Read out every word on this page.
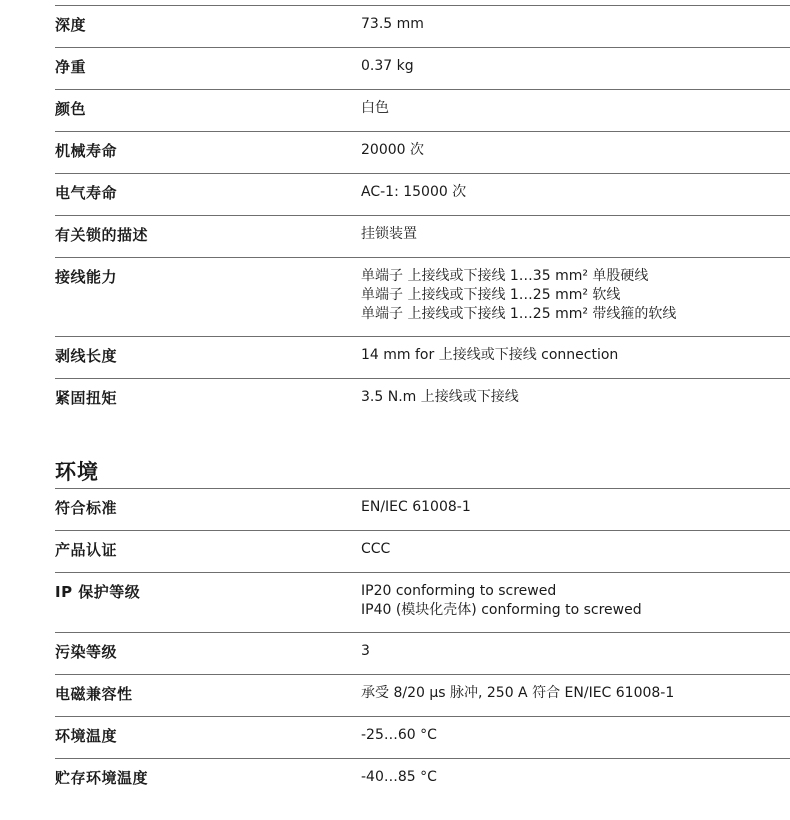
深度	73.5 mm
净重	0.37 kg
颜色	白色
机械寿命	20000 次
电气寿命	AC-1: 15000 次
有关锁的描述	挂锁装置
接线能力	单端子 上接线或下接线 1…35 mm² 单股硬线
单端子 上接线或下接线 1…25 mm² 软线
单端子 上接线或下接线 1…25 mm² 带线箍的软线
剥线长度	14 mm for 上接线或下接线 connection
紧固扭矩	3.5 N.m 上接线或下接线
环境
符合标准	EN/IEC 61008-1
产品认证	CCC
IP 保护等级	IP20 conforming to screwed
IP40 (模块化壳体) conforming to screwed
污染等级	3
电磁兼容性	承受 8/20 µs 脉冲, 250 A 符合 EN/IEC 61008-1
环境温度	-25…60 °C
贮存环境温度	-40…85 °C
